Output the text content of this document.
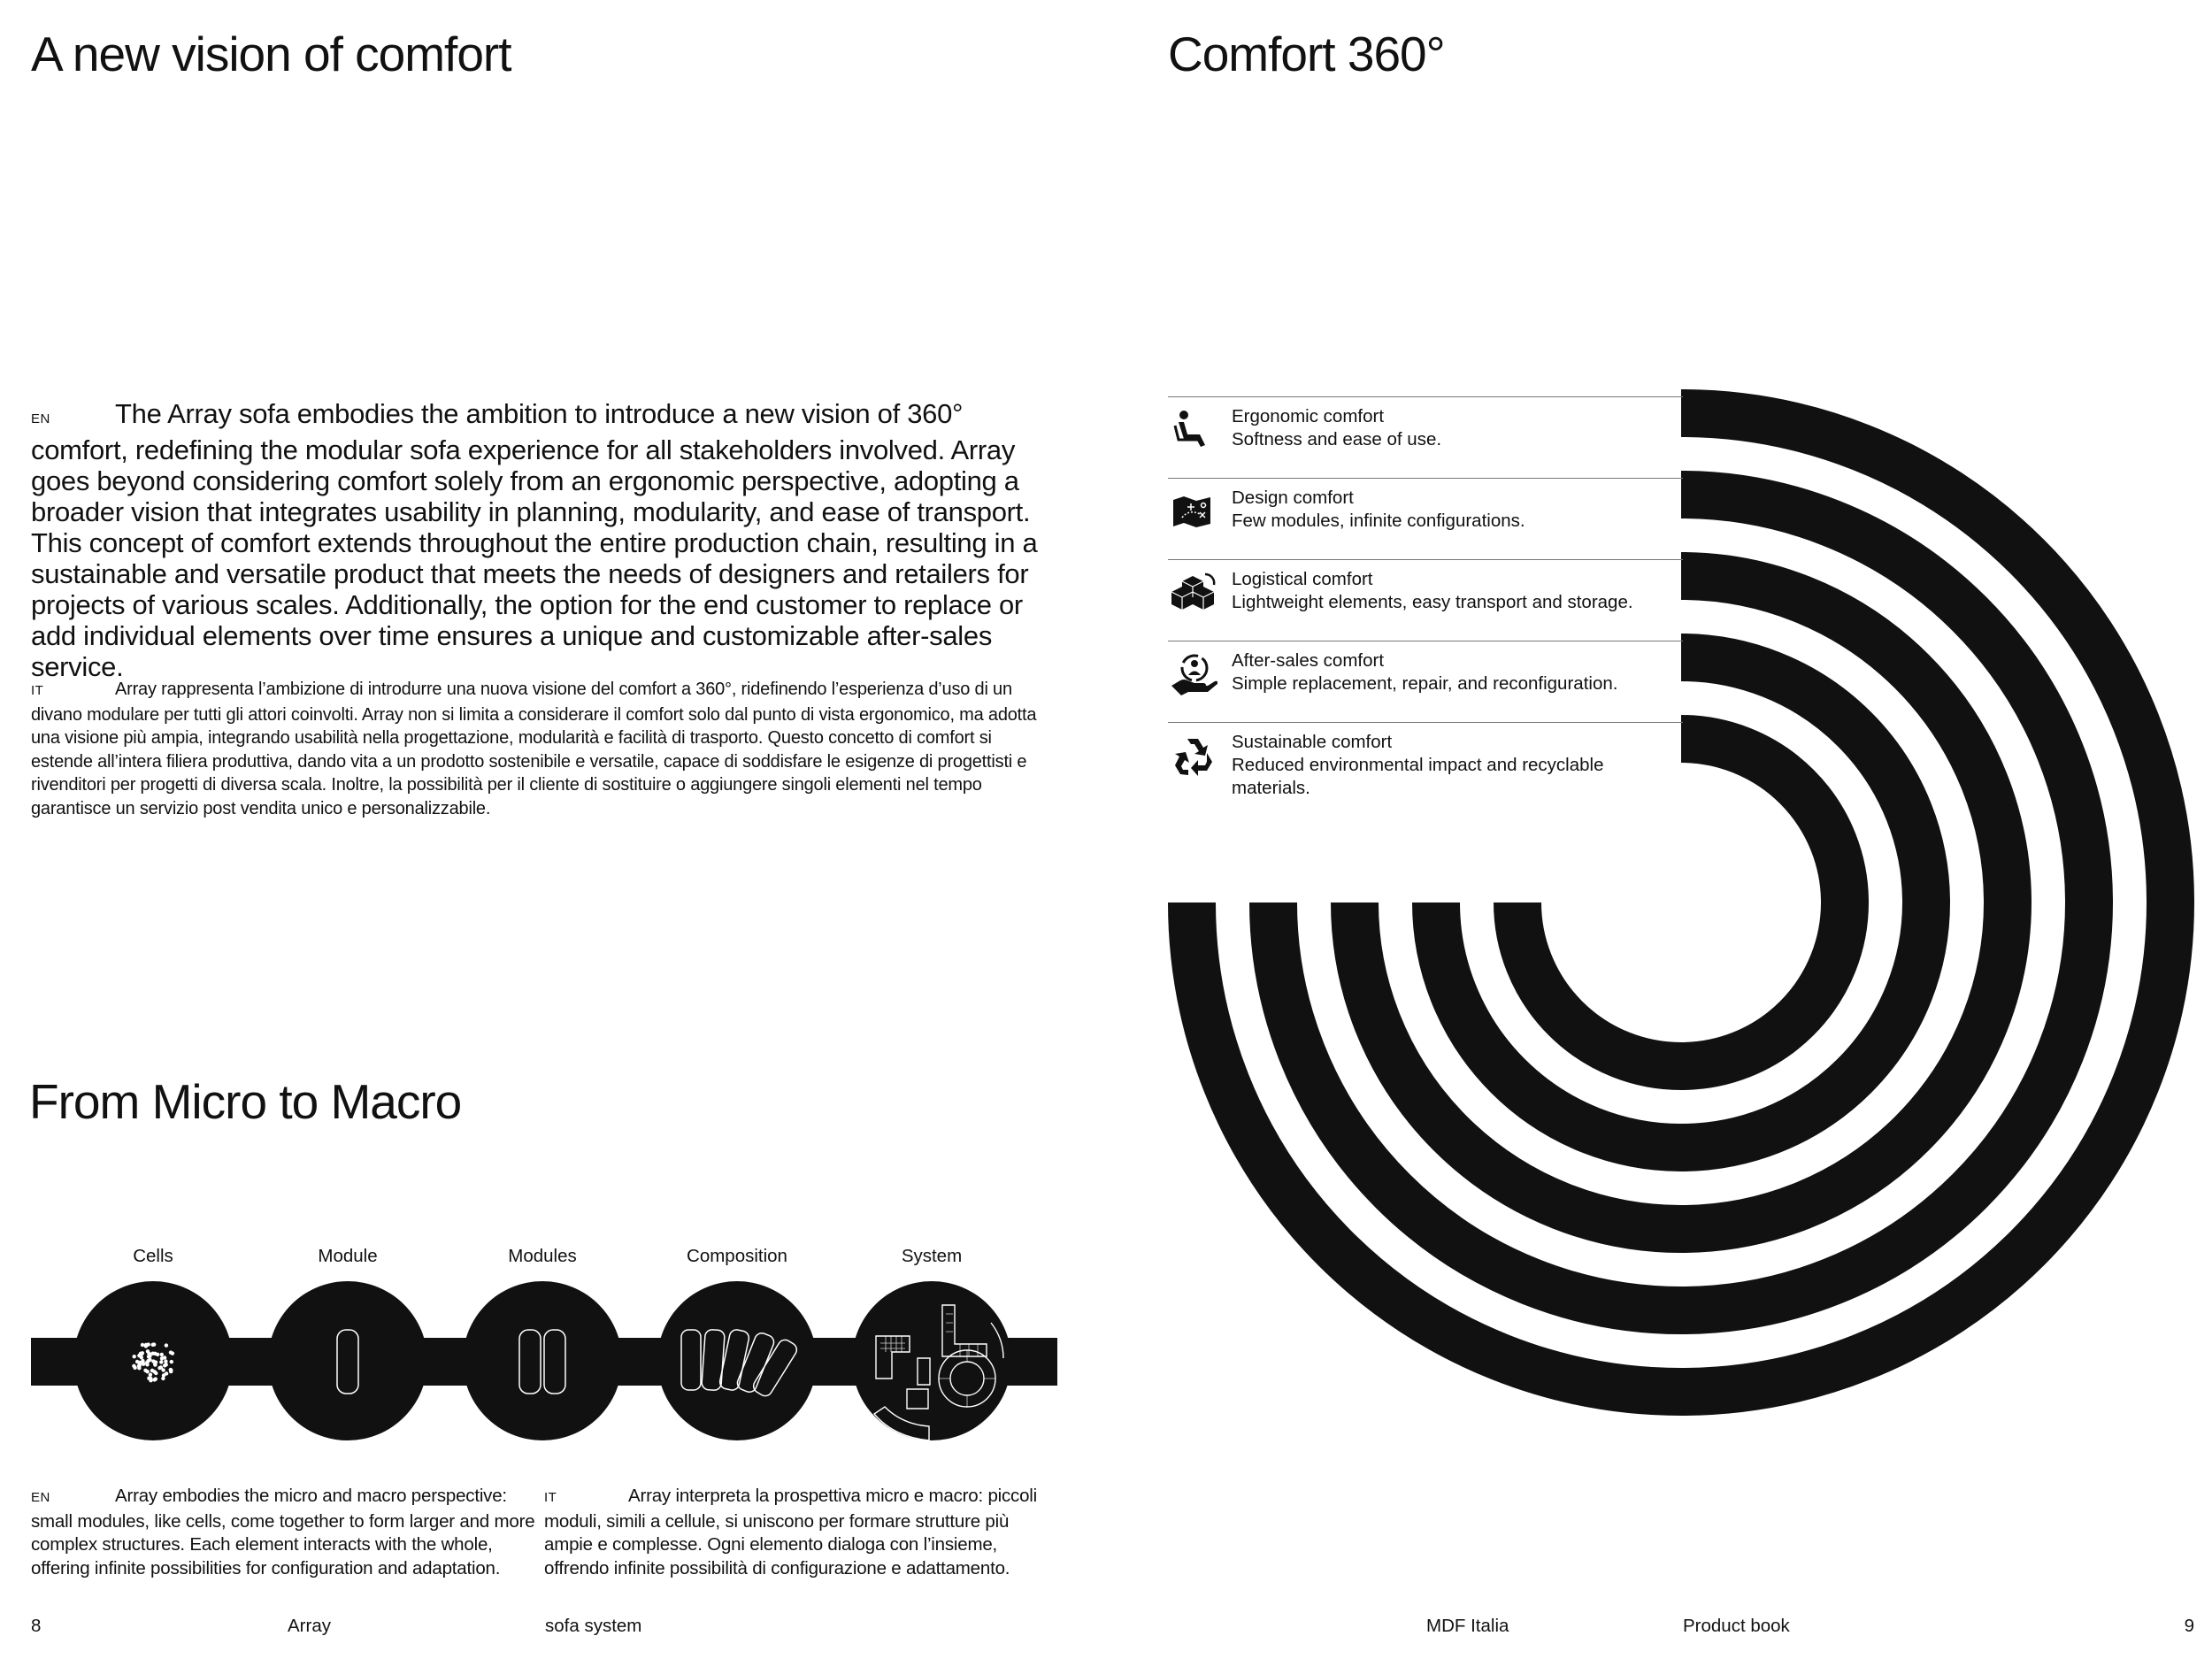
A new vision of comfort
EN The Array sofa embodies the ambition to introduce a new vision of 360° comfort, redefining the modular sofa experience for all stakeholders involved. Array goes beyond considering comfort solely from an ergonomic perspective, adopting a broader vision that integrates usability in planning, modularity, and ease of transport. This concept of comfort extends throughout the entire production chain, resulting in a sustainable and versatile product that meets the needs of designers and retailers for projects of various scales. Additionally, the option for the end customer to replace or add individual elements over time ensures a unique and customizable after-sales service.
IT	Array rappresenta l’ambizione di introdurre una nuova visione del comfort a 360°, ridefinendo l’esperienza d’uso di un divano modulare per tutti gli attori coinvolti. Array non si limita a considerare il comfort solo dal punto di vista ergonomico, ma adotta una visione più ampia, integrando usabilità nella progettazione, modularità e facilità di trasporto. Questo concetto di comfort si estende all’intera filiera produttiva, dando vita a un prodotto sostenibile e versatile, capace di soddisfare le esigenze di progettisti e rivenditori per progetti di diversa scala. Inoltre, la possibilità per il cliente di sostituire o aggiungere singoli elementi nel tempo garantisce un servizio post vendita unico e personalizzabile.
From Micro to Macro
Cells	Module	Modules	Composition	System
EN	Array embodies the micro and macro perspective: small modules, like cells, come together to form larger and more complex structures. Each element interacts with the whole, offering infinite possibilities for configuration and adaptation.
IT	Array interpreta la prospettiva micro e macro: piccoli moduli, simili a cellule, si uniscono per formare strutture più ampie e complesse. Ogni elemento dialoga con l’insieme, offrendo infinite possibilità di configurazione e adattamento.
Comfort 360°
Ergonomic comfort
Softness and ease of use.
Design comfort
Few modules, infinite configurations.
Logistical comfort
Lightweight elements, easy transport and storage.
After-sales comfort
Simple replacement, repair, and reconfiguration.
Sustainable comfort
Reduced environmental impact and recyclable materials.
8	Array	sofa system	MDF Italia	Product book	9
